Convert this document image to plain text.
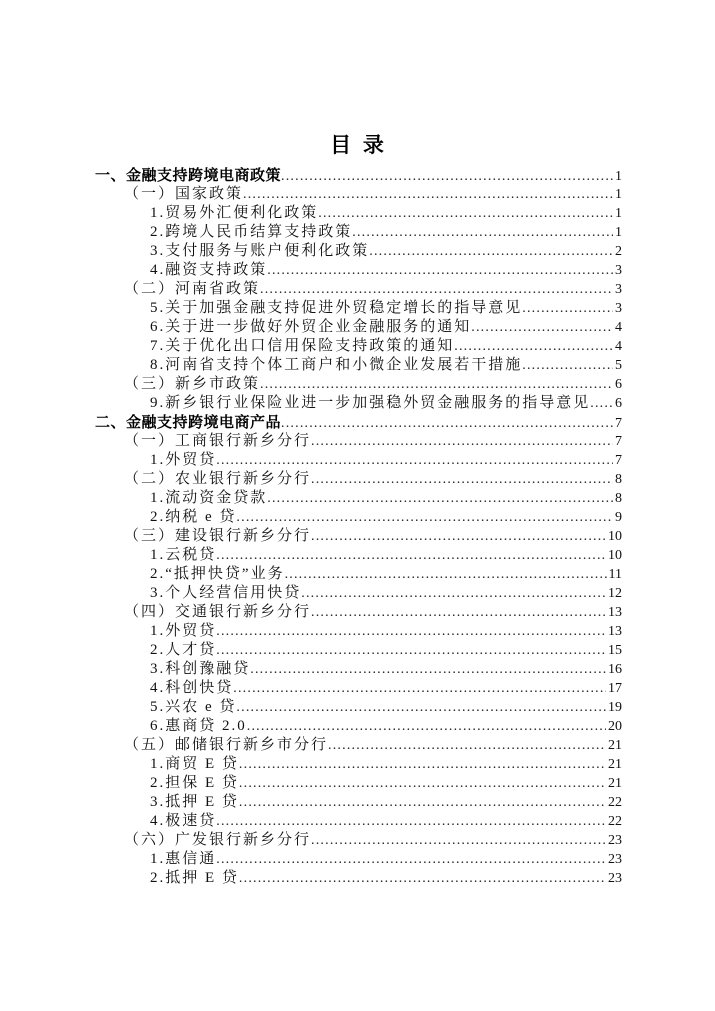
目 录
一、金融支持跨境电商政策 .....	1
（一）国家政策 .....	1
1.贸易外汇便利化政策 .....	1
2.跨境人民币结算支持政策 .....	1
3.支付服务与账户便利化政策 .....	2
4.融资支持政策 .....	3
（二）河南省政策 .....	3
5.关于加强金融支持促进外贸稳定增长的指导意见 .....	3
6.关于进一步做好外贸企业金融服务的通知 .....	4
7.关于优化出口信用保险支持政策的通知 .....	4
8.河南省支持个体工商户和小微企业发展若干措施 .....	5
（三）新乡市政策 .....	6
9.新乡银行业保险业进一步加强稳外贸金融服务的指导意见 ..... 6
二、金融支持跨境电商产品 .....	7
（一）工商银行新乡分行 .....	7
1.外贸贷 .....	7
（二）农业银行新乡分行 .....	8
1.流动资金贷款 .....	8
2.纳税 e 贷 .....	9
（三）建设银行新乡分行 .....	10
1.云税贷 .....	10
2.“抵押快贷”业务 .....	11
3.个人经营信用快贷 .....	12
（四）交通银行新乡分行 .....	13
1.外贸贷 .....	13
2.人才贷 .....	15
3.科创豫融贷 .....	16
4.科创快贷 .....	17
5.兴农 e 贷 .....	19
6.惠商贷 2.0 .....	20
（五）邮储银行新乡市分行 .....	21
1.商贸 E 贷 .....	21
2.担保 E 贷 .....	21
3.抵押 E 贷 .....	22
4.极速贷 .....	22
（六）广发银行新乡分行 .....	23
1.惠信通 .....	23
2.抵押 E 贷 .....	23
